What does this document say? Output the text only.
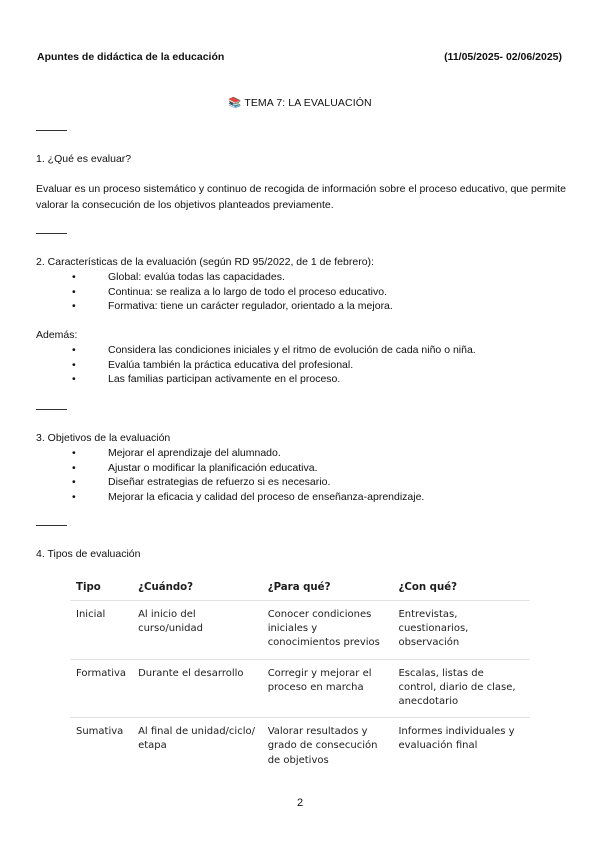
Apuntes de didáctica de la educación	(11/05/2025- 02/06/2025)
📚 TEMA 7: LA EVALUACIÓN
1. ¿Qué es evaluar?
Evaluar es un proceso sistemático y continuo de recogida de información sobre el proceso educativo, que permite valorar la consecución de los objetivos planteados previamente.
2. Características de la evaluación (según RD 95/2022, de 1 de febrero):
• Global: evalúa todas las capacidades.
• Continua: se realiza a lo largo de todo el proceso educativo.
• Formativa: tiene un carácter regulador, orientado a la mejora.
Además:
• Considera las condiciones iniciales y el ritmo de evolución de cada niño o niña.
• Evalúa también la práctica educativa del profesional.
• Las familias participan activamente en el proceso.
3. Objetivos de la evaluación
• Mejorar el aprendizaje del alumnado.
• Ajustar o modificar la planificación educativa.
• Diseñar estrategias de refuerzo si es necesario.
• Mejorar la eficacia y calidad del proceso de enseñanza-aprendizaje.
4. Tipos de evaluación
Tipo	¿Cuándo?	¿Para qué?	¿Con qué?
Inicial	Al inicio del curso/unidad	Conocer condiciones iniciales y conocimientos previos	Entrevistas, cuestionarios, observación
Formativa	Durante el desarrollo	Corregir y mejorar el proceso en marcha	Escalas, listas de control, diario de clase, anecdotario
Sumativa	Al final de unidad/ciclo/ etapa	Valorar resultados y grado de consecución de objetivos	Informes individuales y evaluación final
2
